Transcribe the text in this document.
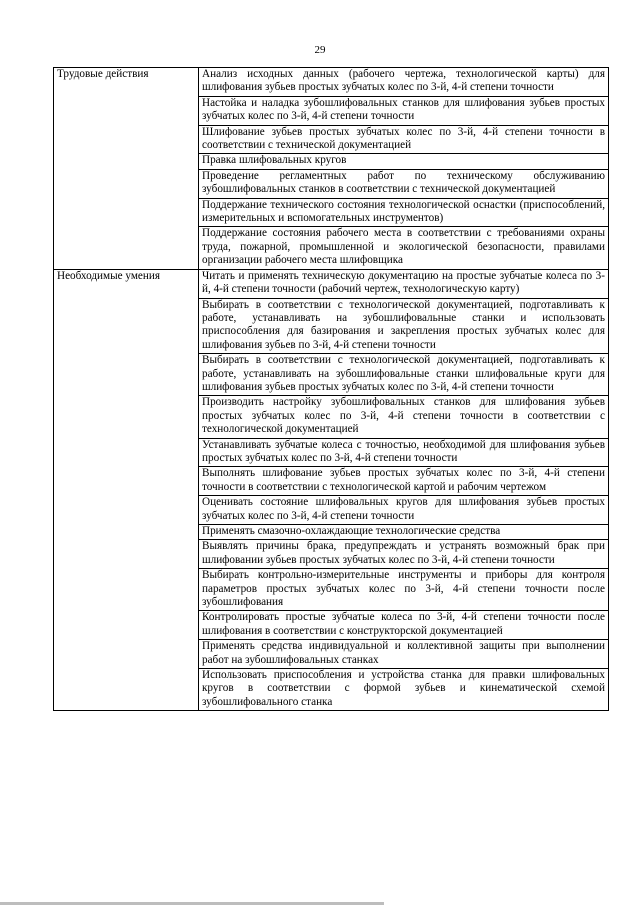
29
Трудовые действия	Анализ исходных данных (рабочего чертежа, технологической карты) для шлифования зубьев простых зубчатых колес по 3-й, 4-й степени точности
	Настойка и наладка зубошлифовальных станков для шлифования зубьев простых зубчатых колес по 3-й, 4-й степени точности
	Шлифование зубьев простых зубчатых колес по 3-й, 4-й степени точности в соответствии с технической документацией
	Правка шлифовальных кругов
	Проведение регламентных работ по техническому обслуживанию зубошлифовальных станков в соответствии с технической документацией
	Поддержание технического состояния технологической оснастки (приспособлений, измерительных и вспомогательных инструментов)
	Поддержание состояния рабочего места в соответствии с требованиями охраны труда, пожарной, промышленной и экологической безопасности, правилами организации рабочего места шлифовщика
Необходимые умения	Читать и применять техническую документацию на простые зубчатые колеса по 3-й, 4-й степени точности (рабочий чертеж, технологическую карту)
	Выбирать в соответствии с технологической документацией, подготавливать к работе, устанавливать на зубошлифовальные станки и использовать приспособления для базирования и закрепления простых зубчатых колес для шлифования зубьев по 3-й, 4-й степени точности
	Выбирать в соответствии с технологической документацией, подготавливать к работе, устанавливать на зубошлифовальные станки шлифовальные круги для шлифования зубьев простых зубчатых колес по 3-й, 4-й степени точности
	Производить настройку зубошлифовальных станков для шлифования зубьев простых зубчатых колес по 3-й, 4-й степени точности в соответствии с технологической документацией
	Устанавливать зубчатые колеса с точностью, необходимой для шлифования зубьев простых зубчатых колес по 3-й, 4-й степени точности
	Выполнять шлифование зубьев простых зубчатых колес по 3-й, 4-й степени точности в соответствии с технологической картой и рабочим чертежом
	Оценивать состояние шлифовальных кругов для шлифования зубьев простых зубчатых колес по 3-й, 4-й степени точности
	Применять смазочно-охлаждающие технологические средства
	Выявлять причины брака, предупреждать и устранять возможный брак при шлифовании зубьев простых зубчатых колес по 3-й, 4-й степени точности
	Выбирать контрольно-измерительные инструменты и приборы для контроля параметров простых зубчатых колес по 3-й, 4-й степени точности после зубошлифования
	Контролировать простые зубчатые колеса по 3-й, 4-й степени точности после шлифования в соответствии с конструкторской документацией
	Применять средства индивидуальной и коллективной защиты при выполнении работ на зубошлифовальных станках
	Использовать приспособления и устройства станка для правки шлифовальных кругов в соответствии с формой зубьев и кинематической схемой зубошлифовального станка
